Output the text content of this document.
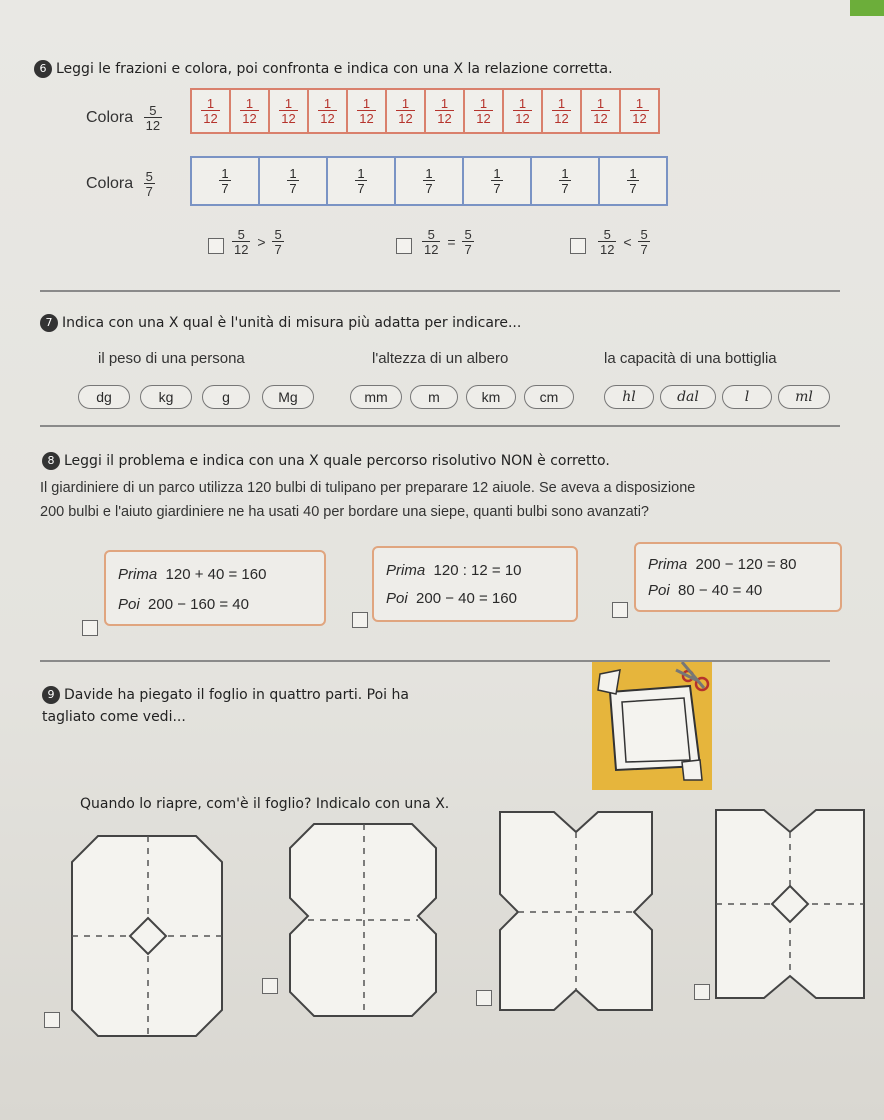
6 Leggi le frazioni e colora, poi confronta e indica con una X la relazione corretta.
Colora $\frac{5}{12}$	$\frac{1}{12} \frac{1}{12} \frac{1}{12} \frac{1}{12} \frac{1}{12} \frac{1}{12} \frac{1}{12} \frac{1}{12} \frac{1}{12} \frac{1}{12} \frac{1}{12} \frac{1}{12}$
Colora $\frac{5}{7}$	$\frac{1}{7}$	$\frac{1}{7}$	$\frac{1}{7}$	$\frac{1}{7}$	$\frac{1}{7}$	$\frac{1}{7}$	$\frac{1}{7}$
$\frac{5}{12} > \frac{5}{7}$	$\frac{5}{12} = \frac{5}{7}$	$\frac{5}{12} < \frac{5}{7}$
7 Indica con una X qual è l'unità di misura più adatta per indicare...
il peso di una persona	l'altezza di un albero	la capacità di una bottiglia
dg	kg	g	Mg	mm	m	km	cm	hl	dal	l	ml
8 Leggi il problema e indica con una X quale percorso risolutivo NON è corretto.
Il giardiniere di un parco utilizza 120 bulbi di tulipano per preparare 12 aiuole. Se aveva a disposizione
200 bulbi e l'aiuto giardiniere ne ha usati 40 per bordare una siepe, quanti bulbi sono avanzati?
Prima 120 + 40 = 160
Poi 200 − 160 = 40
Prima 120 : 12 = 10
Poi 200 − 40 = 160
Prima 200 − 120 = 80
Poi 80 − 40 = 40
9 Davide ha piegato il foglio in quattro parti. Poi ha
tagliato come vedi...
Quando lo riapre, com'è il foglio? Indicalo con una X.
